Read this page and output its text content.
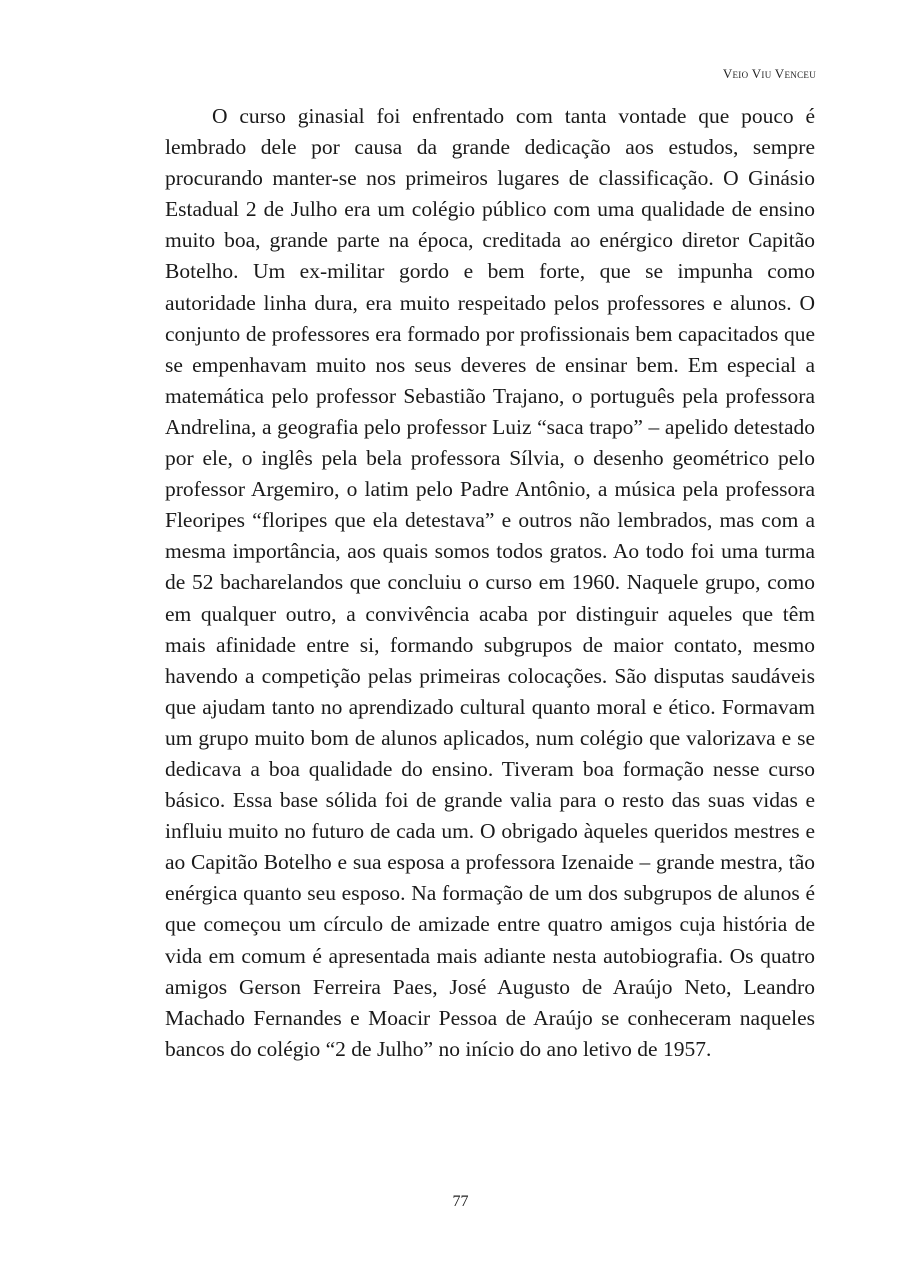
Veio Viu Venceu

O curso ginasial foi enfrentado com tanta vontade que pouco é lembrado dele por causa da grande dedicação aos estudos, sempre procurando manter-se nos primeiros lugares de classificação. O Ginásio Estadual 2 de Julho era um colégio público com uma qualidade de ensino muito boa, grande parte na época, creditada ao enérgico diretor Capitão Botelho. Um ex-militar gordo e bem forte, que se impunha como autoridade linha dura, era muito respeitado pelos professores e alunos. O conjunto de professores era formado por profissionais bem capacitados que se empenhavam muito nos seus deveres de ensinar bem. Em especial a matemática pelo professor Sebastião Trajano, o português pela professora Andrelina, a geografia pelo professor Luiz “saca trapo” – apelido detestado por ele, o inglês pela bela professora Sílvia, o desenho geométrico pelo professor Argemiro, o latim pelo Padre Antônio, a música pela professora Fleoripes “floripes que ela detestava” e outros não lembrados, mas com a mesma importância, aos quais somos todos gratos. Ao todo foi uma turma de 52 bacharelandos que concluiu o curso em 1960. Naquele grupo, como em qualquer outro, a convivência acaba por distinguir aqueles que têm mais afinidade entre si, formando subgrupos de maior contato, mesmo havendo a competição pelas primeiras colocações. São disputas saudáveis que ajudam tanto no aprendizado cultural quanto moral e ético. Formavam um grupo muito bom de alunos aplicados, num colégio que valorizava e se dedicava a boa qualidade do ensino. Tiveram boa formação nesse curso básico. Essa base sólida foi de grande valia para o resto das suas vidas e influiu muito no futuro de cada um. O obrigado àqueles queridos mestres e ao Capitão Botelho e sua esposa a professora Izenaide – grande mestra, tão enérgica quanto seu esposo. Na formação de um dos subgrupos de alunos é que começou um círculo de amizade entre quatro amigos cuja história de vida em comum é apresentada mais adiante nesta autobiografia. Os quatro amigos Gerson Ferreira Paes, José Augusto de Araújo Neto, Leandro Machado Fernandes e Moacir Pessoa de Araújo se conheceram naqueles bancos do colégio “2 de Julho” no início do ano letivo de 1957.

77
